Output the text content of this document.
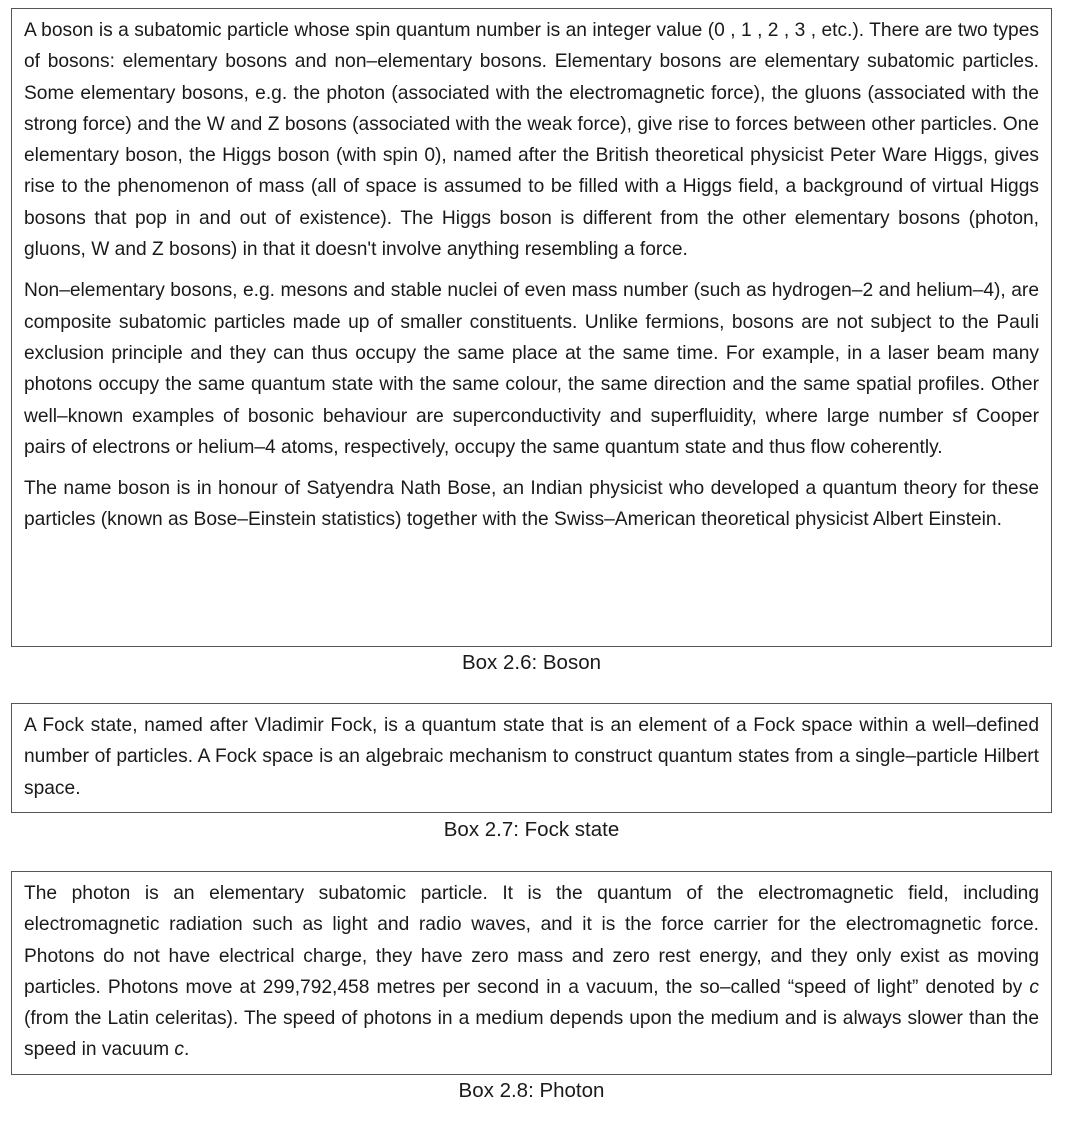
A boson is a subatomic particle whose spin quantum number is an integer value (0 , 1 , 2 , 3 , etc.). There are two types of bosons: elementary bosons and non–elementary bosons. Elementary bosons are elementary subatomic particles. Some elementary bosons, e.g. the photon (associated with the electromagnetic force), the gluons (associated with the strong force) and the W and Z bosons (associated with the weak force), give rise to forces between other particles. One elementary boson, the Higgs boson (with spin 0), named after the British theoretical physicist Peter Ware Higgs, gives rise to the phenomenon of mass (all of space is assumed to be filled with a Higgs field, a background of virtual Higgs bosons that pop in and out of existence). The Higgs boson is different from the other elementary bosons (photon, gluons, W and Z bosons) in that it doesn't involve anything resembling a force.

Non–elementary bosons, e.g. mesons and stable nuclei of even mass number (such as hydrogen–2 and helium–4), are composite subatomic particles made up of smaller constituents. Unlike fermions, bosons are not subject to the Pauli exclusion principle and they can thus occupy the same place at the same time. For example, in a laser beam many photons occupy the same quantum state with the same colour, the same direction and the same spatial profiles. Other well–known examples of bosonic behaviour are superconductivity and superfluidity, where large number sf Cooper pairs of electrons or helium–4 atoms, respectively, occupy the same quantum state and thus flow coherently.

The name boson is in honour of Satyendra Nath Bose, an Indian physicist who developed a quantum theory for these particles (known as Bose–Einstein statistics) together with the Swiss–American theoretical physicist Albert Einstein.

Box 2.6: Boson

A Fock state, named after Vladimir Fock, is a quantum state that is an element of a Fock space within a well–defined number of particles. A Fock space is an algebraic mechanism to construct quantum states from a single–particle Hilbert space.

Box 2.7: Fock state

The photon is an elementary subatomic particle. It is the quantum of the electromagnetic field, including electromagnetic radiation such as light and radio waves, and it is the force carrier for the electromagnetic force. Photons do not have electrical charge, they have zero mass and zero rest energy, and they only exist as moving particles. Photons move at 299,792,458 metres per second in a vacuum, the so–called “speed of light” denoted by c (from the Latin celeritas). The speed of photons in a medium depends upon the medium and is always slower than the speed in vacuum c.

Box 2.8: Photon
